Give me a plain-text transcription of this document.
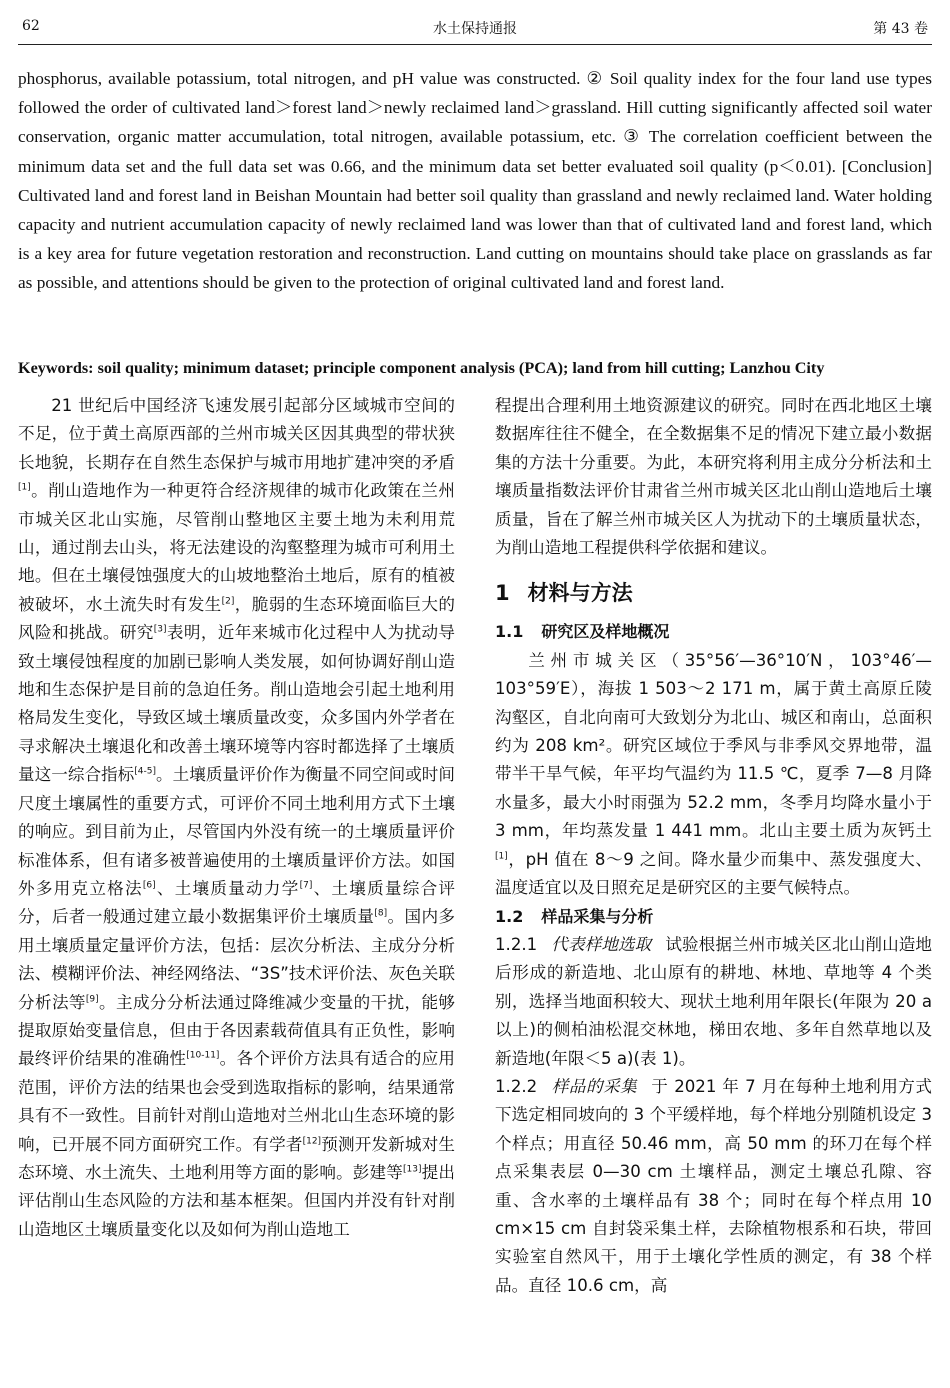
62	水土保持通报	第 43 卷
phosphorus, available potassium, total nitrogen, and pH value was constructed. ② Soil quality index for the four land use types followed the order of cultivated land＞forest land＞newly reclaimed land＞grassland. Hill cutting significantly affected soil water conservation, organic matter accumulation, total nitrogen, available potassium, etc. ③ The correlation coefficient between the minimum data set and the full data set was 0.66, and the minimum data set better evaluated soil quality (p＜0.01). [Conclusion] Cultivated land and forest land in Beishan Mountain had better soil quality than grassland and newly reclaimed land. Water holding capacity and nutrient accumulation capacity of newly reclaimed land was lower than that of cultivated land and forest land, which is a key area for future vegetation restoration and reconstruction. Land cutting on mountains should take place on grasslands as far as possible, and attentions should be given to the protection of original cultivated land and forest land.
Keywords: soil quality; minimum dataset; principle component analysis (PCA); land from hill cutting; Lanzhou City

21 世纪后中国经济飞速发展引起部分区域城市空间的不足，位于黄土高原西部的兰州市城关区因其典型的带状狭长地貌，长期存在自然生态保护与城市用地扩建冲突的矛盾[1]。削山造地作为一种更符合经济规律的城市化政策在兰州市城关区北山实施，尽管削山整地区主要土地为未利用荒山，通过削去山头，将无法建设的沟壑整理为城市可利用土地。但在土壤侵蚀强度大的山坡地整治土地后，原有的植被被破坏，水土流失时有发生[2]，脆弱的生态环境面临巨大的风险和挑战。研究[3]表明，近年来城市化过程中人为扰动导致土壤侵蚀程度的加剧已影响人类发展，如何协调好削山造地和生态保护是目前的急迫任务。削山造地会引起土地利用格局发生变化，导致区域土壤质量改变，众多国内外学者在寻求解决土壤退化和改善土壤环境等内容时都选择了土壤质量这一综合指标[4-5]。土壤质量评价作为衡量不同空间或时间尺度土壤属性的重要方式，可评价不同土地利用方式下土壤的响应。到目前为止，尽管国内外没有统一的土壤质量评价标准体系，但有诸多被普遍使用的土壤质量评价方法。如国外多用克立格法[6]、土壤质量动力学[7]、土壤质量综合评分，后者一般通过建立最小数据集评价土壤质量[8]。国内多用土壤质量定量评价方法，包括：层次分析法、主成分分析法、模糊评价法、神经网络法、“3S”技术评价法、灰色关联分析法等[9]。主成分分析法通过降维减少变量的干扰，能够提取原始变量信息，但由于各因素载荷值具有正负性，影响最终评价结果的准确性[10-11]。各个评价方法具有适合的应用范围，评价方法的结果也会受到选取指标的影响，结果通常具有不一致性。目前针对削山造地对兰州北山生态环境的影响，已开展不同方面研究工作。有学者[12]预测开发新城对生态环境、水土流失、土地利用等方面的影响。彭建等[13]提出评估削山生态风险的方法和基本框架。但国内并没有针对削山造地区土壤质量变化以及如何为削山造地工

程提出合理利用土地资源建议的研究。同时在西北地区土壤数据库往往不健全，在全数据集不足的情况下建立最小数据集的方法十分重要。为此，本研究将利用主成分分析法和土壤质量指数法评价甘肃省兰州市城关区北山削山造地后土壤质量，旨在了解兰州市城关区人为扰动下的土壤质量状态，为削山造地工程提供科学依据和建议。

1 材料与方法
1.1 研究区及样地概况

兰州市城关区（35°56′—36°10′N，103°46′—103°59′E），海拔 1 503～2 171 m，属于黄土高原丘陵沟壑区，自北向南可大致划分为北山、城区和南山，总面积约为 208 km²。研究区域位于季风与非季风交界地带，温带半干旱气候，年平均气温约为 11.5 ℃，夏季 7—8 月降水量多，最大小时雨强为 52.2 mm，冬季月均降水量小于 3 mm，年均蒸发量 1 441 mm。北山主要土质为灰钙土[1]，pH 值在 8～9 之间。降水量少而集中、蒸发强度大、温度适宜以及日照充足是研究区的主要气候特点。

1.2 样品采集与分析

1.2.1 代表样地选取 试验根据兰州市城关区北山削山造地后形成的新造地、北山原有的耕地、林地、草地等 4 个类别，选择当地面积较大、现状土地利用年限长(年限为 20 a 以上)的侧柏油松混交林地，梯田农地、多年自然草地以及新造地(年限＜5 a)(表 1)。

1.2.2 样品的采集 于 2021 年 7 月在每种土地利用方式下选定相同坡向的 3 个平缓样地，每个样地分别随机设定 3 个样点；用直径 50.46 mm，高 50 mm 的环刀在每个样点采集表层 0—30 cm 土壤样品，测定土壤总孔隙、容重、含水率的土壤样品有 38 个；同时在每个样点用 10 cm×15 cm 自封袋采集土样，去除植物根系和石块，带回实验室自然风干，用于土壤化学性质的测定，有 38 个样品。直径 10.6 cm，高
